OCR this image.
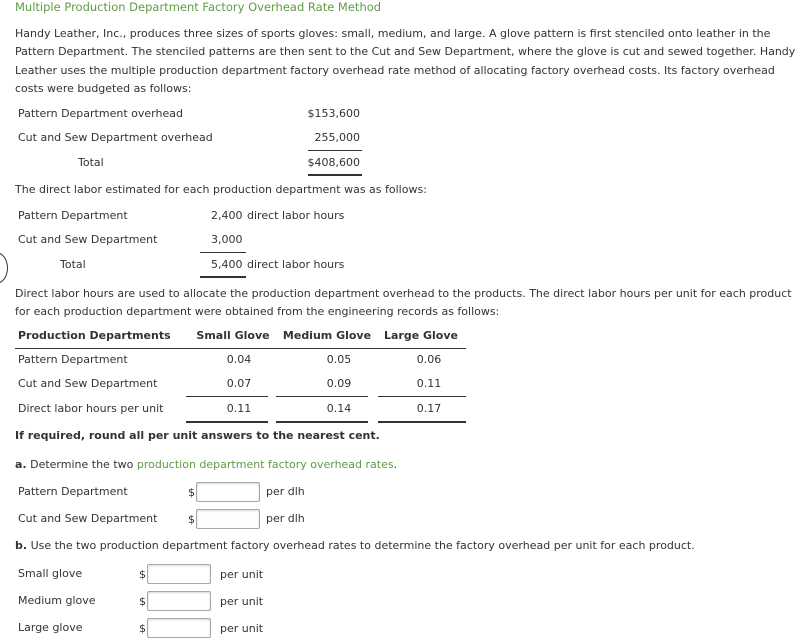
Multiple Production Department Factory Overhead Rate Method
Handy Leather, Inc., produces three sizes of sports gloves: small, medium, and large. A glove pattern is first stenciled onto leather in the Pattern Department. The stenciled patterns are then sent to the Cut and Sew Department, where the glove is cut and sewed together. Handy Leather uses the multiple production department factory overhead rate method of allocating factory overhead costs. Its factory overhead costs were budgeted as follows:
Pattern Department overhead	$153,600
Cut and Sew Department overhead	255,000
Total	$408,600
The direct labor estimated for each production department was as follows:
Pattern Department	2,400 direct labor hours
Cut and Sew Department	3,000
Total	5,400 direct labor hours
Direct labor hours are used to allocate the production department overhead to the products. The direct labor hours per unit for each product for each production department were obtained from the engineering records as follows:
Production Departments	Small Glove	Medium Glove	Large Glove
Pattern Department	0.04	0.05	0.06
Cut and Sew Department	0.07	0.09	0.11
Direct labor hours per unit	0.11	0.14	0.17
If required, round all per unit answers to the nearest cent.
a. Determine the two production department factory overhead rates.
Pattern Department	$	per dlh
Cut and Sew Department	$	per dlh
b. Use the two production department factory overhead rates to determine the factory overhead per unit for each product.
Small glove	$	per unit
Medium glove	$	per unit
Large glove	$	per unit
